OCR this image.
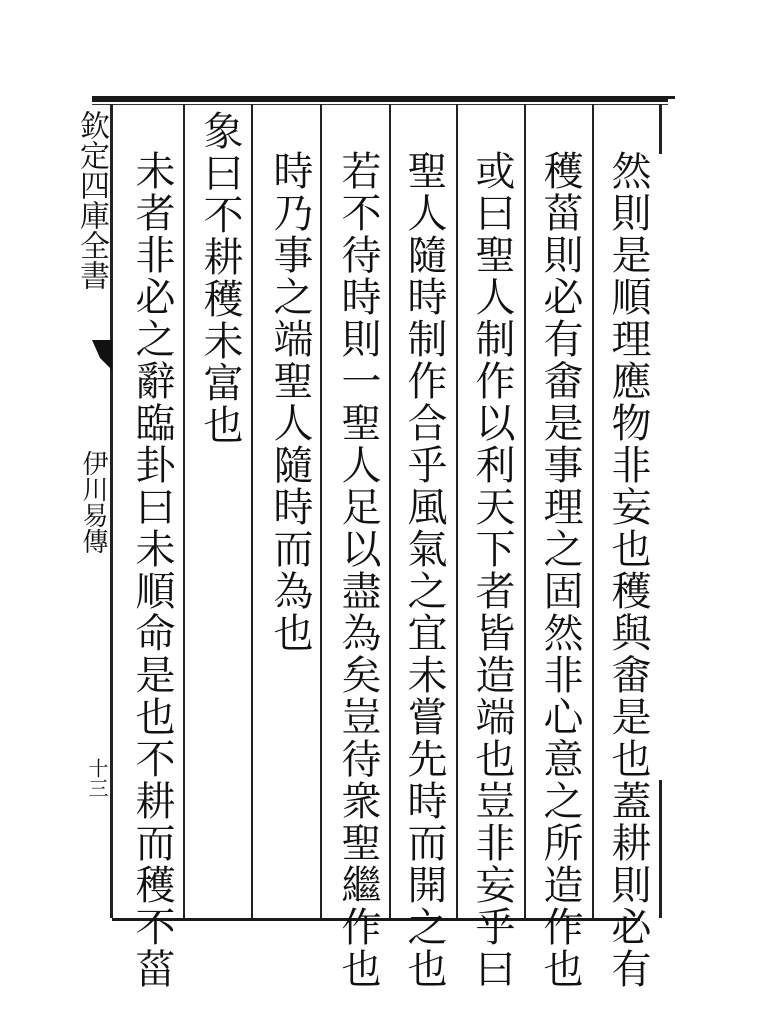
欽定四庫全書
伊川易傳
十三	然則是順理應物非妄也穫與畬是也蓋耕則必有
穫菑則必有畬是事理之固然非心意之所造作也
或曰聖人制作以利天下者皆造端也豈非妄乎曰
聖人隨時制作合乎風氣之宜未嘗先時而開之也
若不待時則一聖人足以盡為矣豈待衆聖繼作也
時乃事之端聖人隨時而為也
象曰不耕穫未富也
未者非必之辭臨卦曰未順命是也不耕而穫不菑
